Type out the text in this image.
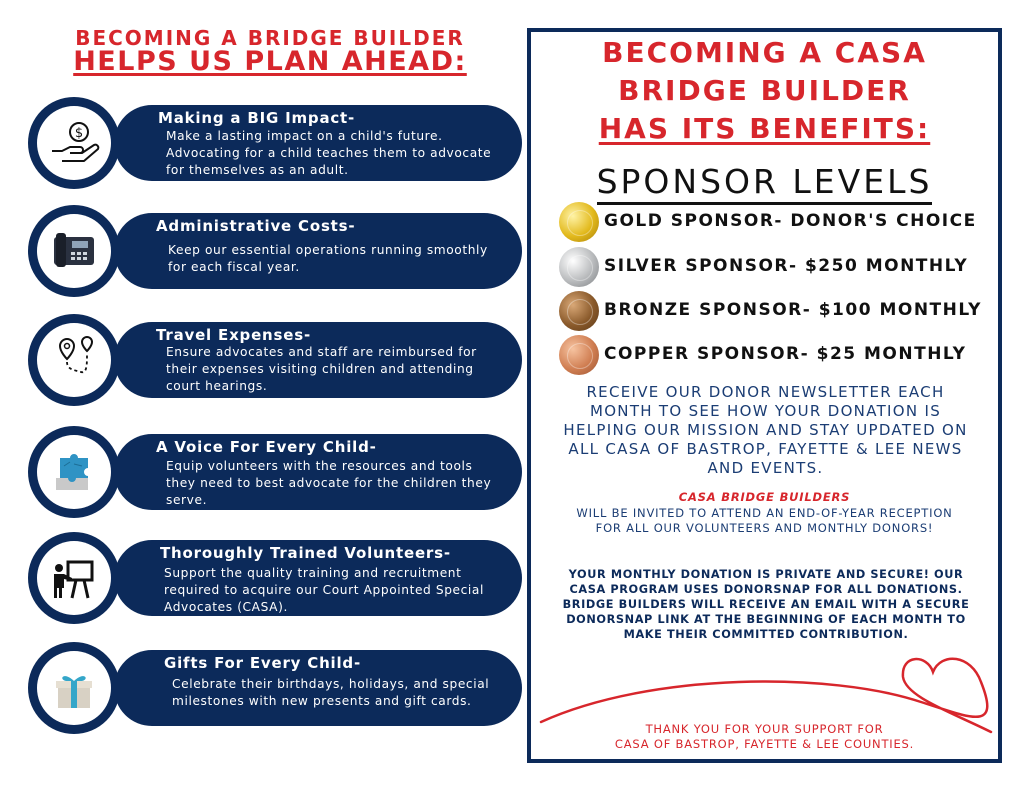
BECOMING A BRIDGE BUILDER
HELPS US PLAN AHEAD:
$
Making a BIG Impact-
Make a lasting impact on a child's future. Advocating for a child teaches them to advocate for themselves as an adult.
Administrative Costs-
Keep our essential operations running smoothly for each fiscal year.
Travel Expenses-
Ensure advocates and staff are reimbursed for their expenses visiting children and attending court hearings.
A Voice For Every Child-
Equip volunteers with the resources and tools they need to best advocate for the children they serve.
Thoroughly Trained Volunteers-
Support the quality training and recruitment required to acquire our Court Appointed Special Advocates (CASA).
Gifts For Every Child-
Celebrate their birthdays, holidays, and special milestones with new presents and gift cards.
BECOMING A CASA
BRIDGE BUILDER
HAS ITS BENEFITS:
SPONSOR LEVELS
GOLD SPONSOR- DONOR'S CHOICE
SILVER SPONSOR- $250 MONTHLY
BRONZE SPONSOR- $100 MONTHLY
COPPER SPONSOR- $25 MONTHLY
RECEIVE OUR DONOR NEWSLETTER EACH MONTH TO SEE HOW YOUR DONATION IS HELPING OUR MISSION AND STAY UPDATED ON ALL CASA OF BASTROP, FAYETTE & LEE NEWS AND EVENTS.
CASA BRIDGE BUILDERS
WILL BE INVITED TO ATTEND AN END-OF-YEAR RECEPTION FOR ALL OUR VOLUNTEERS AND MONTHLY DONORS!
YOUR MONTHLY DONATION IS PRIVATE AND SECURE! OUR CASA PROGRAM USES DONORSNAP FOR ALL DONATIONS. BRIDGE BUILDERS WILL RECEIVE AN EMAIL WITH A SECURE DONORSNAP LINK AT THE BEGINNING OF EACH MONTH TO MAKE THEIR COMMITTED CONTRIBUTION.
THANK YOU FOR YOUR SUPPORT FOR
CASA OF BASTROP, FAYETTE & LEE COUNTIES.
